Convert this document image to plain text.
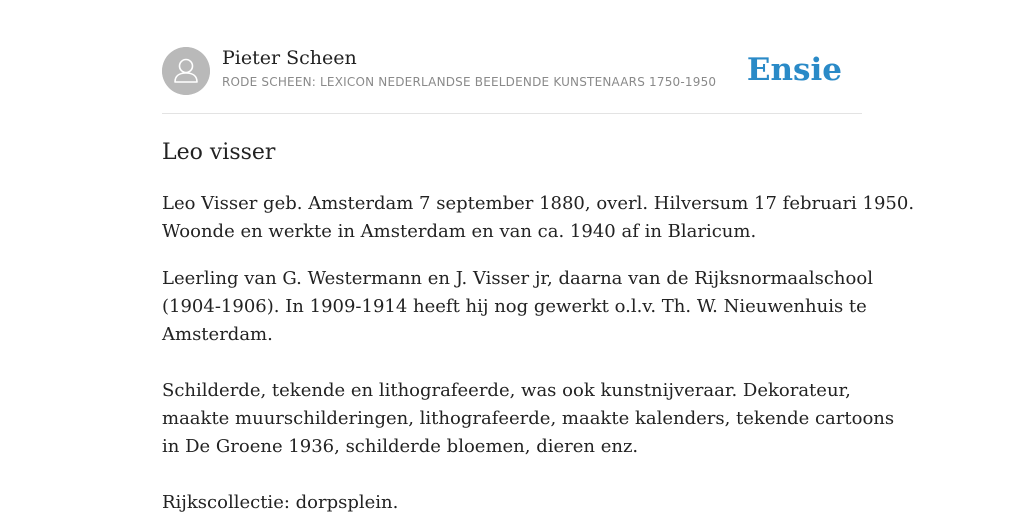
Pieter Scheen
RODE SCHEEN: LEXICON NEDERLANDSE BEELDENDE KUNSTENAARS 1750-1950 Ensie
Leo visser

Leo Visser geb. Amsterdam 7 september 1880, overl. Hilversum 17 februari 1950.
Woonde en werkte in Amsterdam en van ca. 1940 af in Blaricum.

Leerling van G. Westermann en J. Visser jr, daarna van de Rijksnormaalschool
(1904-1906). In 1909-1914 heeft hij nog gewerkt o.l.v. Th. W. Nieuwenhuis te
Amsterdam.

Schilderde, tekende en lithografeerde, was ook kunstnijveraar. Dekorateur,
maakte muurschilderingen, lithografeerde, maakte kalenders, tekende cartoons
in De Groene 1936, schilderde bloemen, dieren enz.

Rijkscollectie: dorpsplein.
